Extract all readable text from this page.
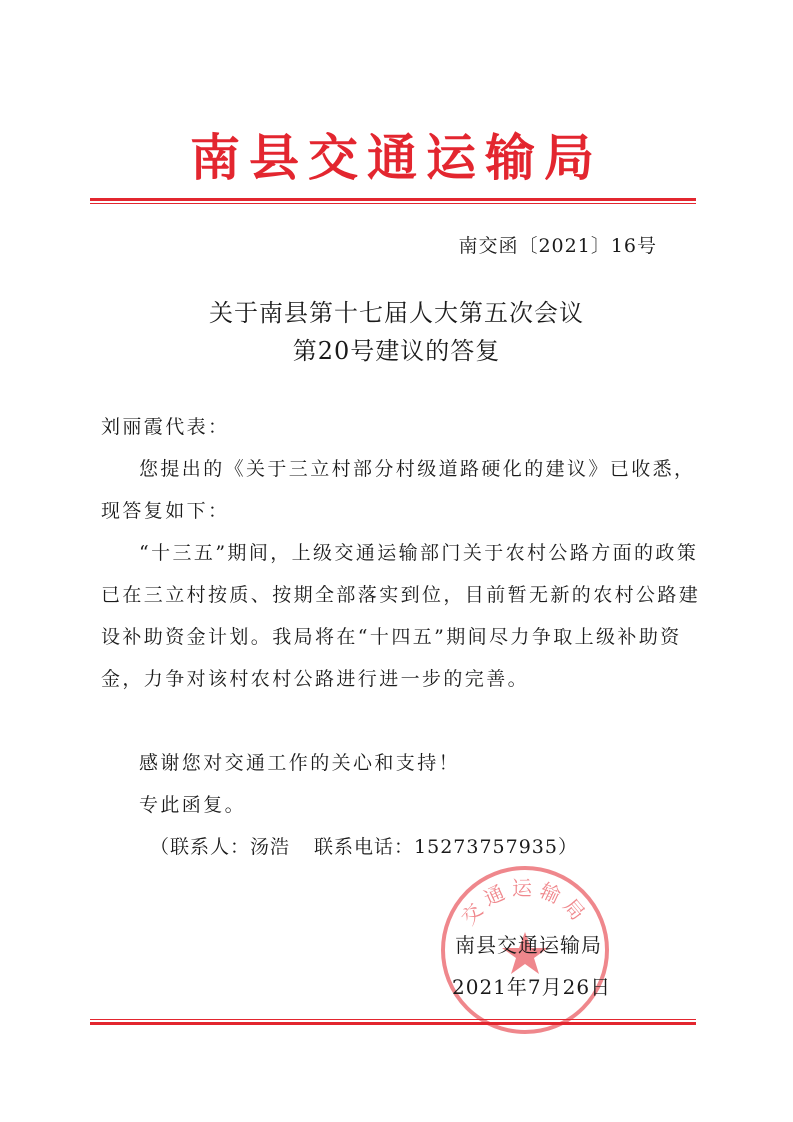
南县交通运输局
南交函〔2021〕16号
关于南县第十七届人大第五次会议
第20号建议的答复
刘丽霞代表：

您提出的《关于三立村部分村级道路硬化的建议》已收悉，现答复如下：

“十三五”期间，上级交通运输部门关于农村公路方面的政策已在三立村按质、按期全部落实到位，目前暂无新的农村公路建设补助资金计划。我局将在“十四五”期间尽力争取上级补助资金，力争对该村农村公路进行进一步的完善。

感谢您对交通工作的关心和支持！

专此函复。

（联系人：汤浩 联系电话：15273757935）
交通运输局
南县交通运输局
2021年7月26日
